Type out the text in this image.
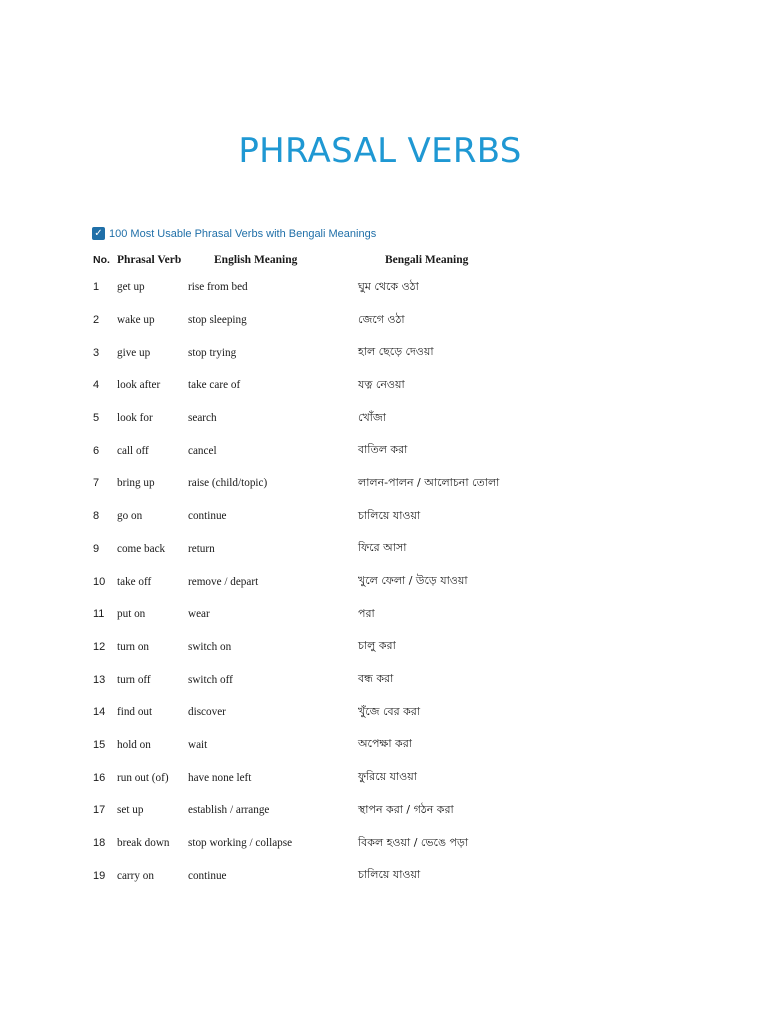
PHRASAL VERBS
✓ 100 Most Usable Phrasal Verbs with Bengali Meanings
No.	Phrasal Verb	English Meaning	Bengali Meaning
1	get up	rise from bed	ঘুম থেকে ওঠা
2	wake up	stop sleeping	জেগে ওঠা
3	give up	stop trying	হাল ছেড়ে দেওয়া
4	look after	take care of	যত্ন নেওয়া
5	look for	search	খোঁজা
6	call off	cancel	বাতিল করা
7	bring up	raise (child/topic)	লালন-পালন / আলোচনা তোলা
8	go on	continue	চালিয়ে যাওয়া
9	come back	return	ফিরে আসা
10	take off	remove / depart	খুলে ফেলা / উড়ে যাওয়া
11	put on	wear	পরা
12	turn on	switch on	চালু করা
13	turn off	switch off	বন্ধ করা
14	find out	discover	খুঁজে বের করা
15	hold on	wait	অপেক্ষা করা
16	run out (of)	have none left	ফুরিয়ে যাওয়া
17	set up	establish / arrange	স্থাপন করা / গঠন করা
18	break down	stop working / collapse	বিকল হওয়া / ভেঙে পড়া
19	carry on	continue	চালিয়ে যাওয়া
